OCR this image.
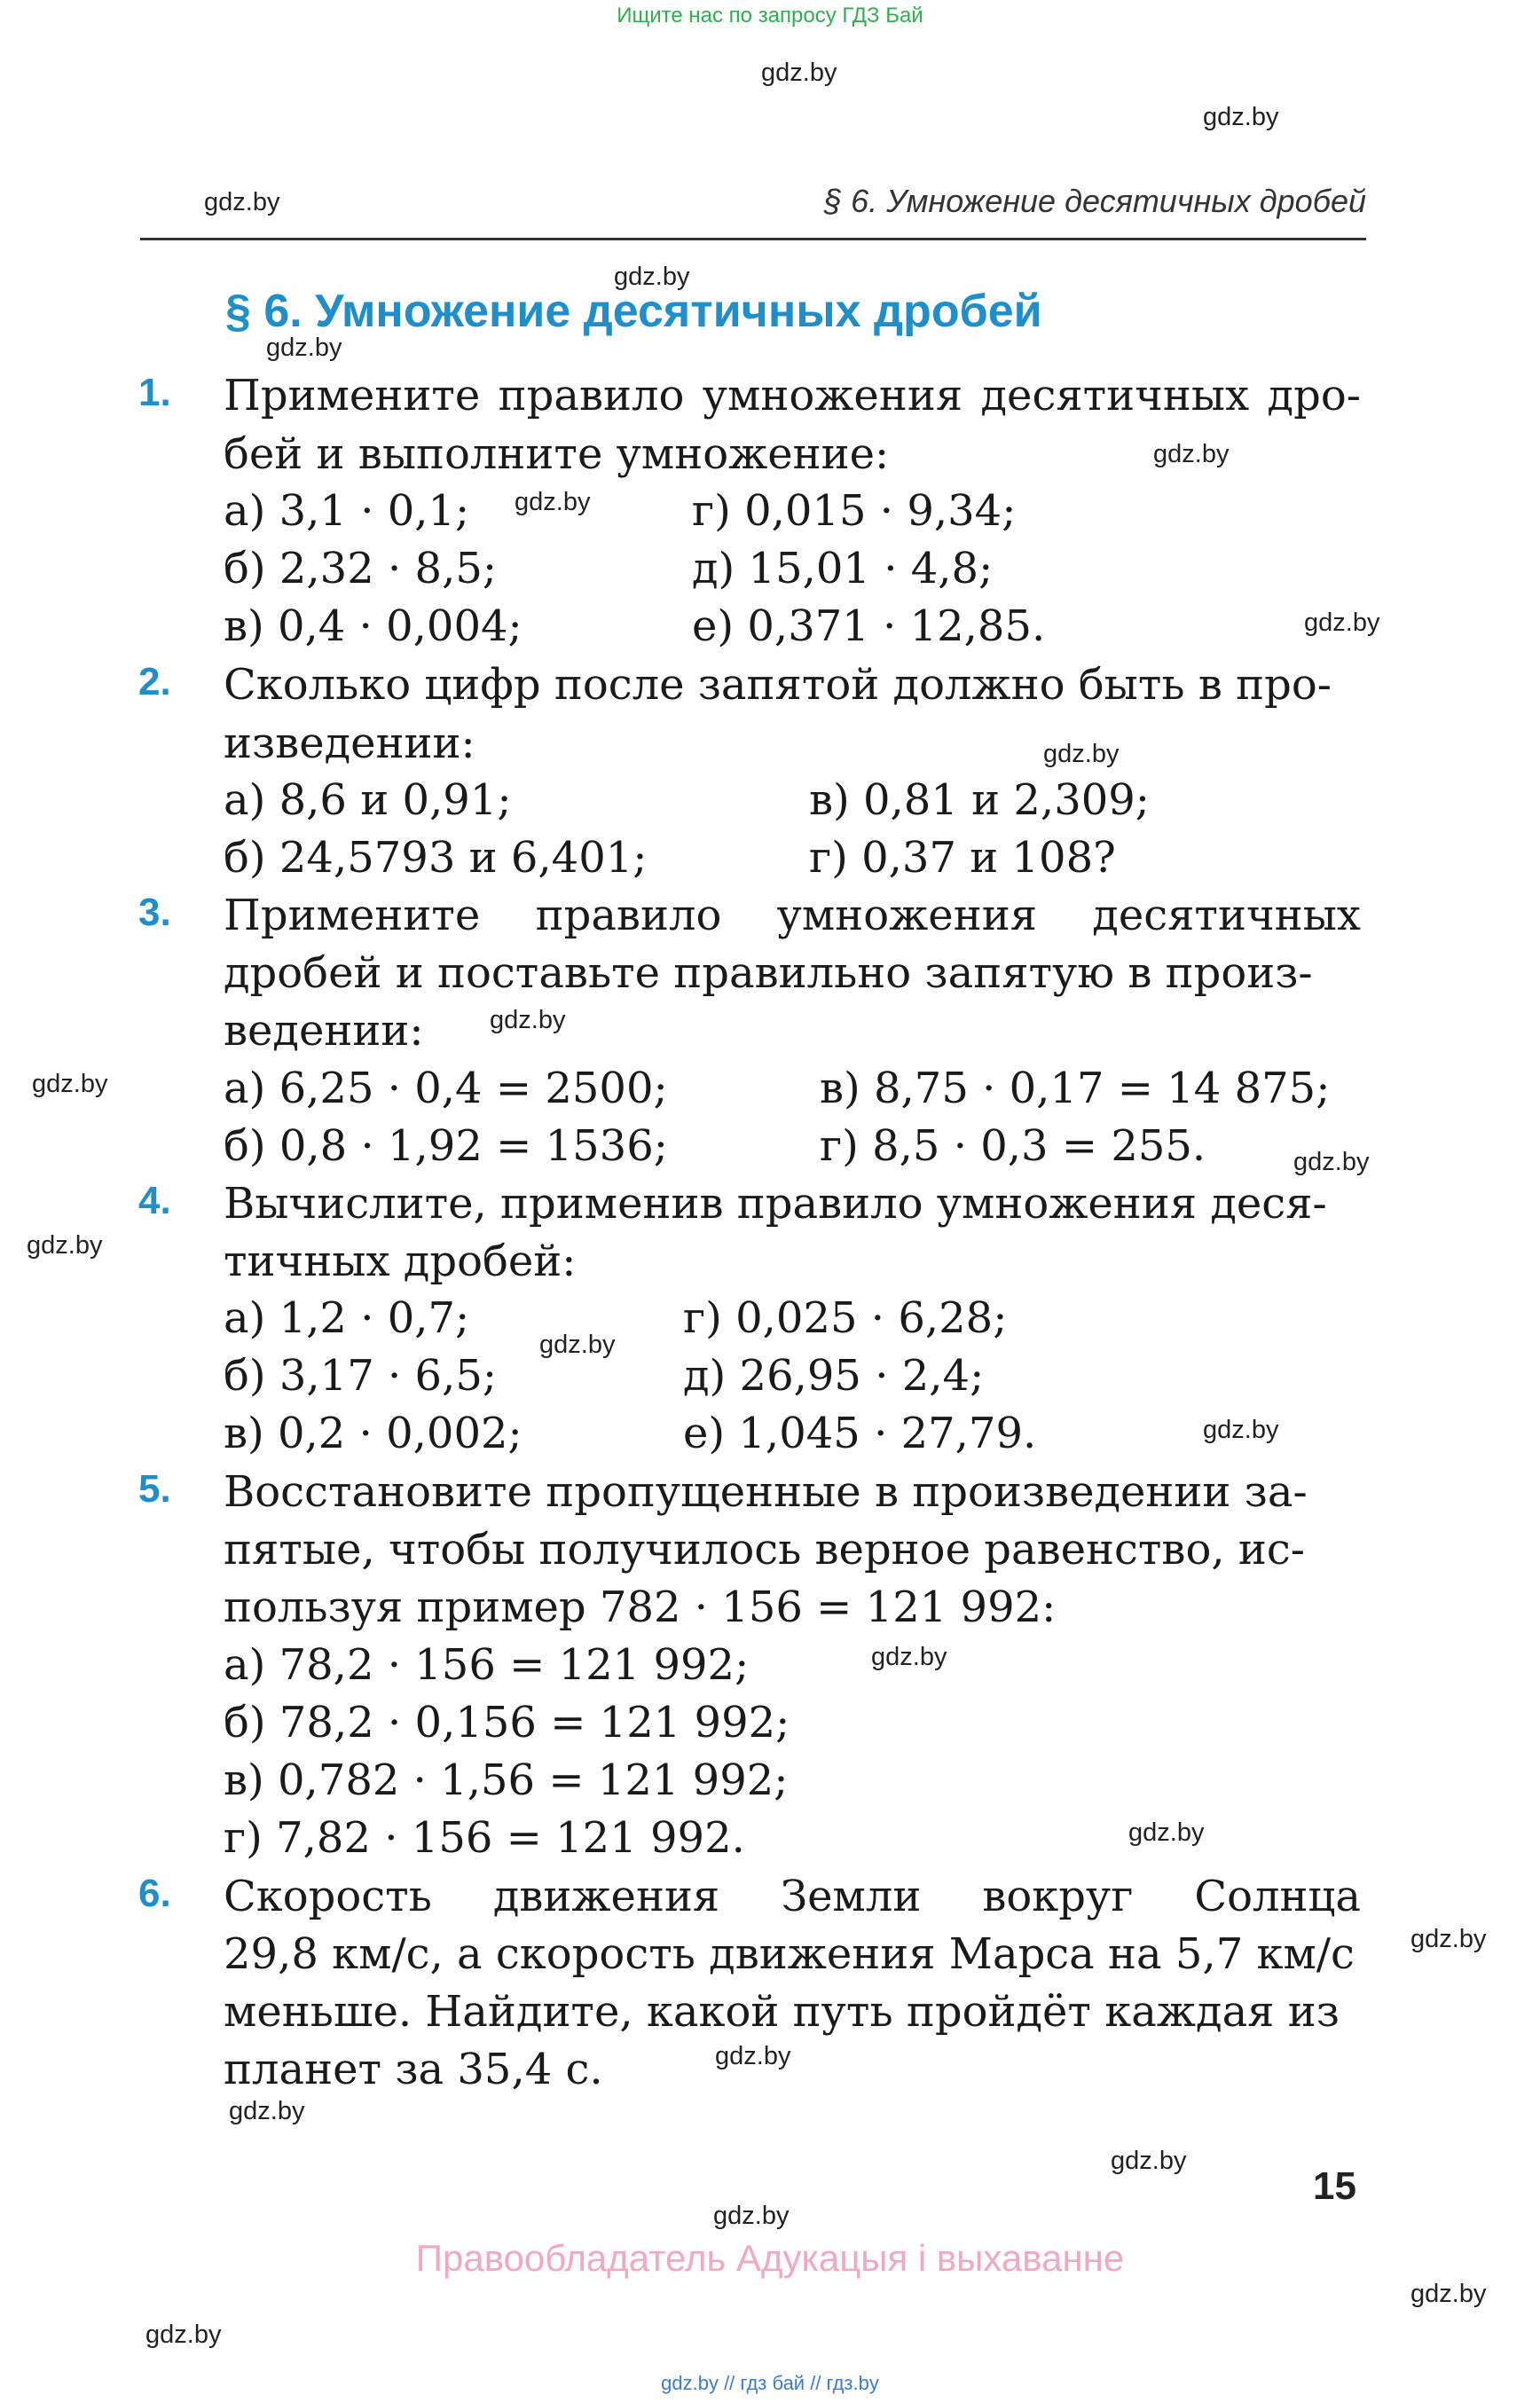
Ищите нас по запросу ГДЗ Бай
§ 6. Умножение десятичных дробей
§ 6. Умножение десятичных дробей
1. Примените правило умножения десятичных дро-
бей и выполните умножение:
а) 3,1 · 0,1;	г) 0,015 · 9,34;
б) 2,32 · 8,5;	д) 15,01 · 4,8;
в) 0,4 · 0,004;	е) 0,371 · 12,85.
2. Сколько цифр после запятой должно быть в про-
изведении:
а) 8,6 и 0,91;	в) 0,81 и 2,309;
б) 24,5793 и 6,401;	г) 0,37 и 108?
3. Примените правило умножения десятичных
дробей и поставьте правильно запятую в произ-
ведении:
а) 6,25 · 0,4 = 2500;	в) 8,75 · 0,17 = 14 875;
б) 0,8 · 1,92 = 1536;	г) 8,5 · 0,3 = 255.
4. Вычислите, применив правило умножения деся-
тичных дробей:
а) 1,2 · 0,7;	г) 0,025 · 6,28;
б) 3,17 · 6,5;	д) 26,95 · 2,4;
в) 0,2 · 0,002;	е) 1,045 · 27,79.
5. Восстановите пропущенные в произведении за-
пятые, чтобы получилось верное равенство, ис-
пользуя пример 782 · 156 = 121 992:
а) 78,2 · 156 = 121 992;
б) 78,2 · 0,156 = 121 992;
в) 0,782 · 1,56 = 121 992;
г) 7,82 · 156 = 121 992.
6. Скорость движения Земли вокруг Солнца
29,8 км/с, а скорость движения Марса на 5,7 км/с
меньше. Найдите, какой путь пройдёт каждая из
планет за 35,4 с.
15
Правообладатель Адукацыя і выхаванне
gdz.by // гдз бай // гдз.by
gdz.by
gdz.by
gdz.by
gdz.by
gdz.by
gdz.by
gdz.by
gdz.by
gdz.by
gdz.by
gdz.by
gdz.by
gdz.by
gdz.by
gdz.by
gdz.by
gdz.by
gdz.by
gdz.by
gdz.by
gdz.by
gdz.by
gdz.by
gdz.by
